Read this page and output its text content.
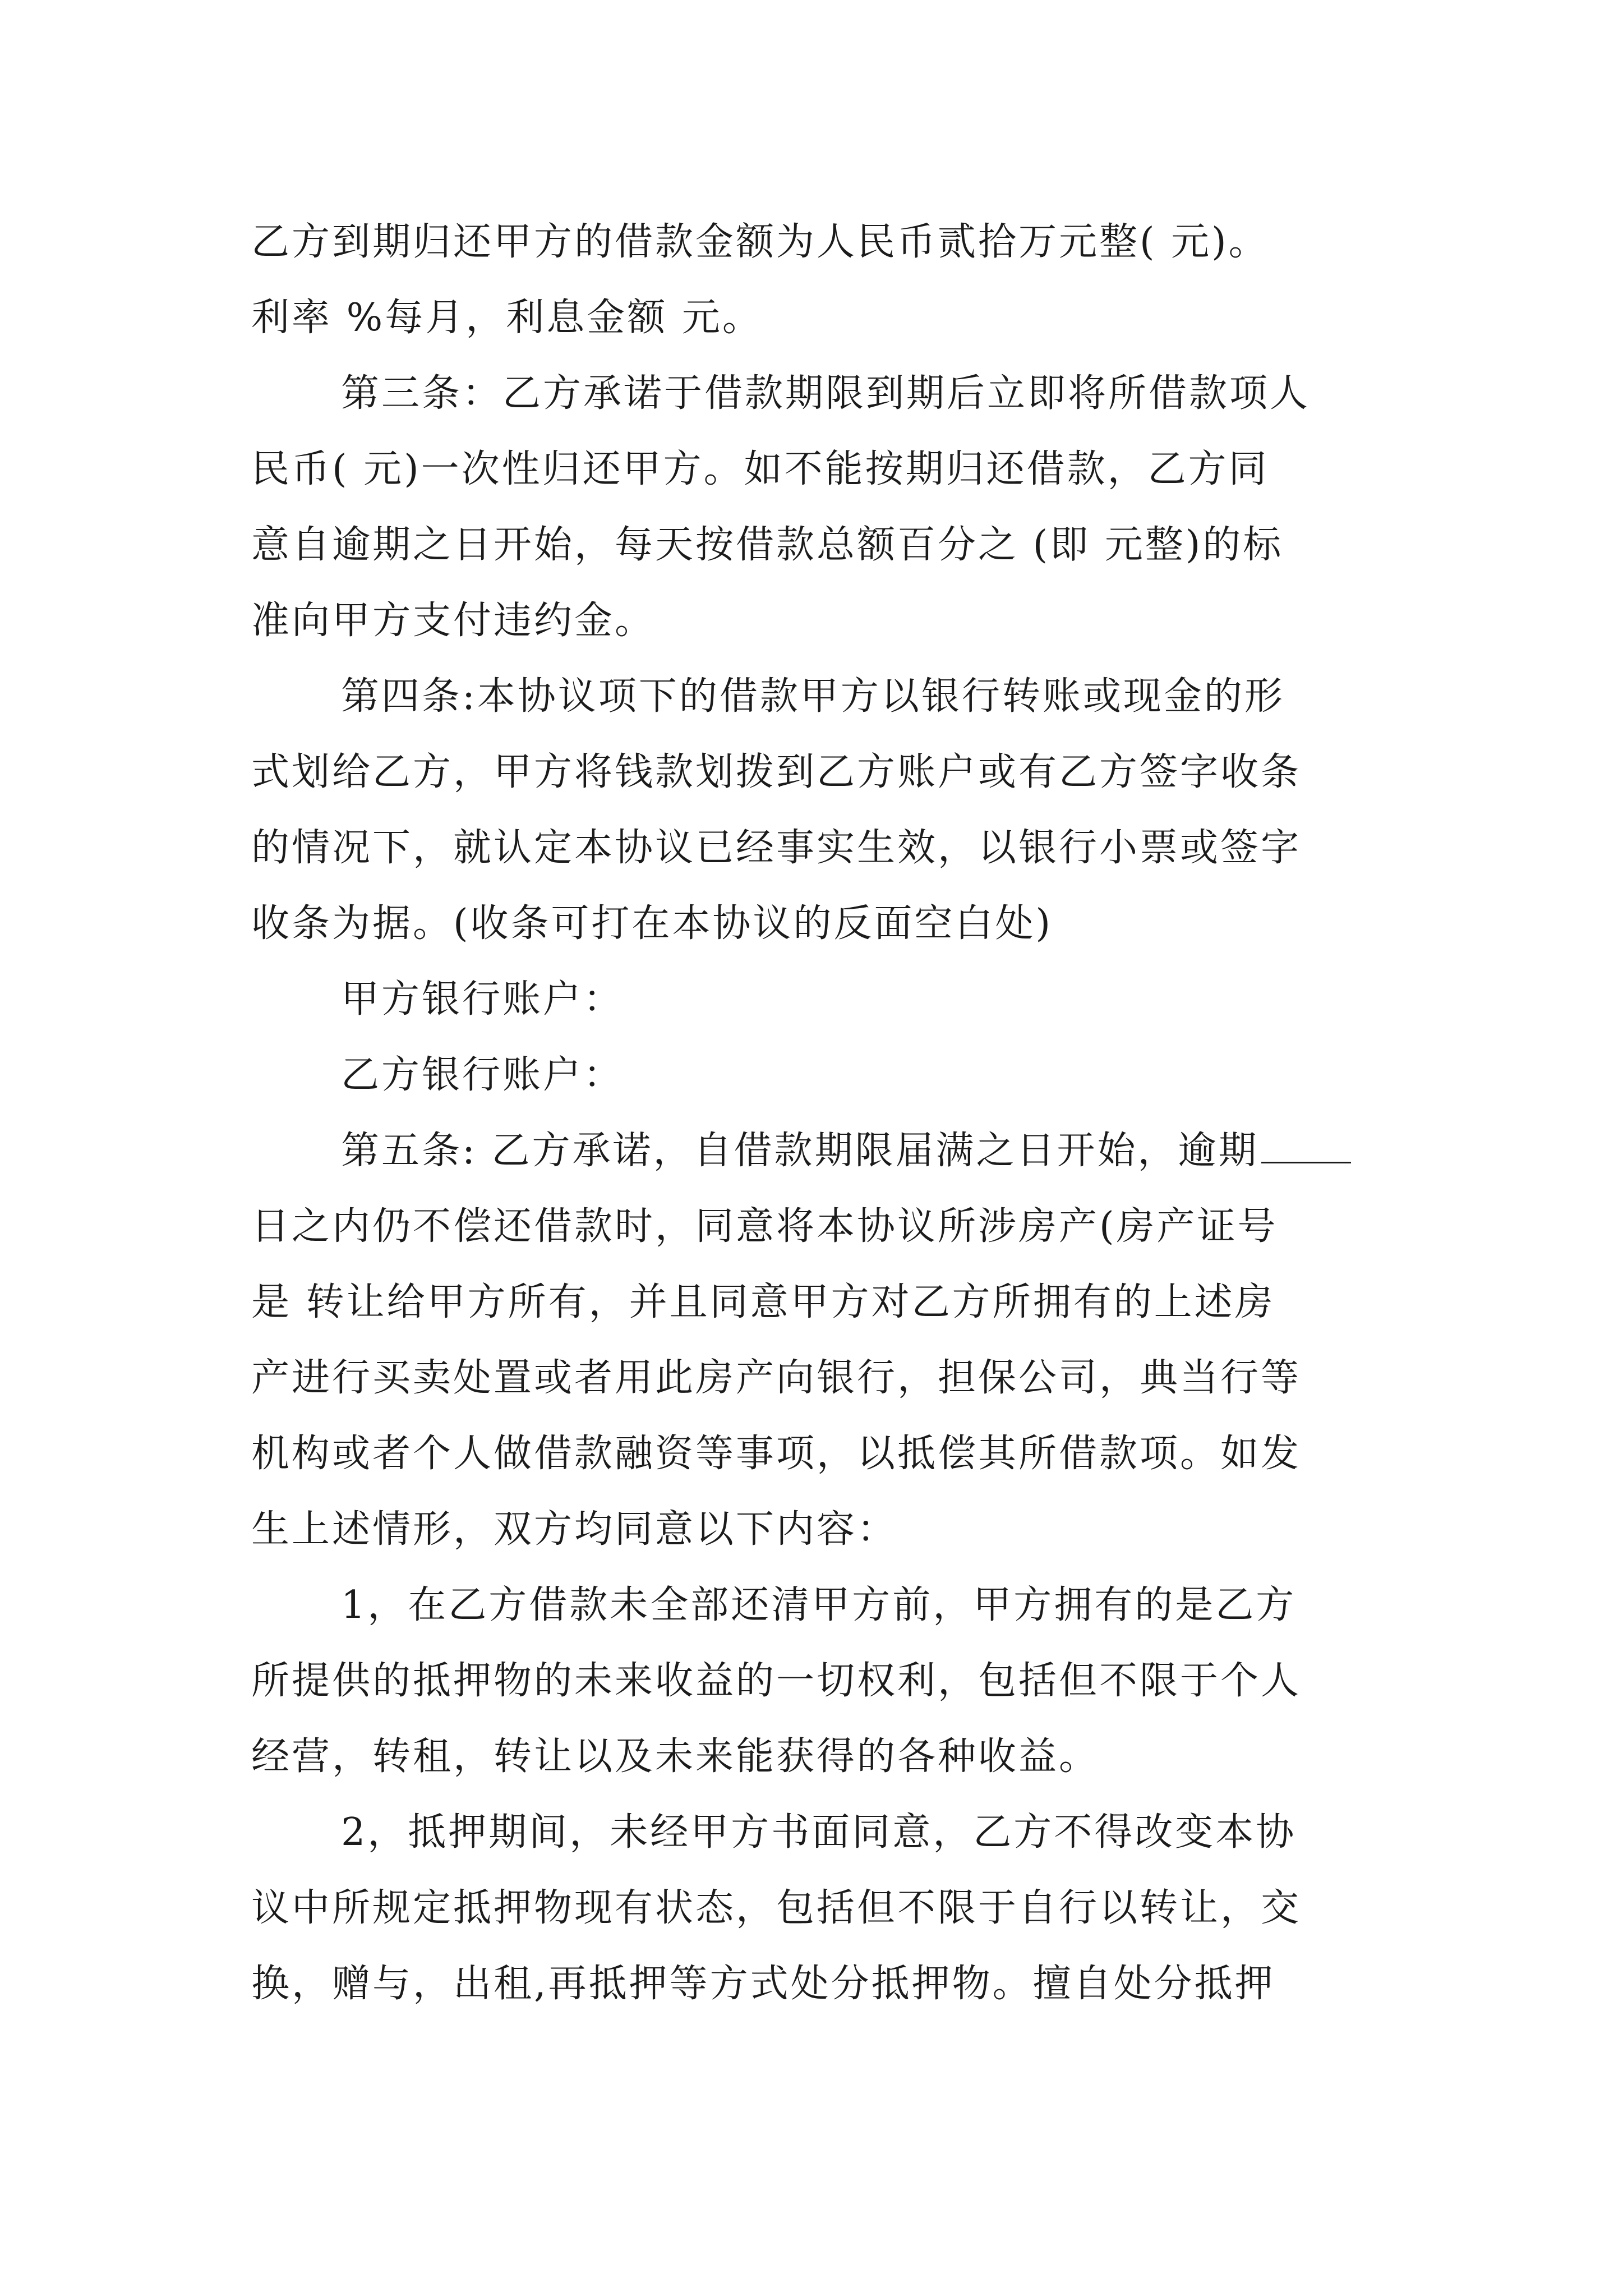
乙方到期归还甲方的借款金额为人民币贰拾万元整( 元)。
利率 %每月，利息金额 元。
第三条：乙方承诺于借款期限到期后立即将所借款项人
民币( 元)一次性归还甲方。如不能按期归还借款，乙方同
意自逾期之日开始，每天按借款总额百分之 (即 元整)的标
准向甲方支付违约金。
第四条:本协议项下的借款甲方以银行转账或现金的形
式划给乙方，甲方将钱款划拨到乙方账户或有乙方签字收条
的情况下，就认定本协议已经事实生效，以银行小票或签字
收条为据。(收条可打在本协议的反面空白处)
甲方银行账户：
乙方银行账户：
第五条: 乙方承诺，自借款期限届满之日开始，逾期
日之内仍不偿还借款时，同意将本协议所涉房产(房产证号
是 转让给甲方所有，并且同意甲方对乙方所拥有的上述房
产进行买卖处置或者用此房产向银行，担保公司，典当行等
机构或者个人做借款融资等事项，以抵偿其所借款项。如发
生上述情形，双方均同意以下内容：
1，在乙方借款未全部还清甲方前，甲方拥有的是乙方
所提供的抵押物的未来收益的一切权利，包括但不限于个人
经营，转租，转让以及未来能获得的各种收益。
2，抵押期间，未经甲方书面同意，乙方不得改变本协
议中所规定抵押物现有状态，包括但不限于自行以转让，交
换，赠与，出租,再抵押等方式处分抵押物。擅自处分抵押
